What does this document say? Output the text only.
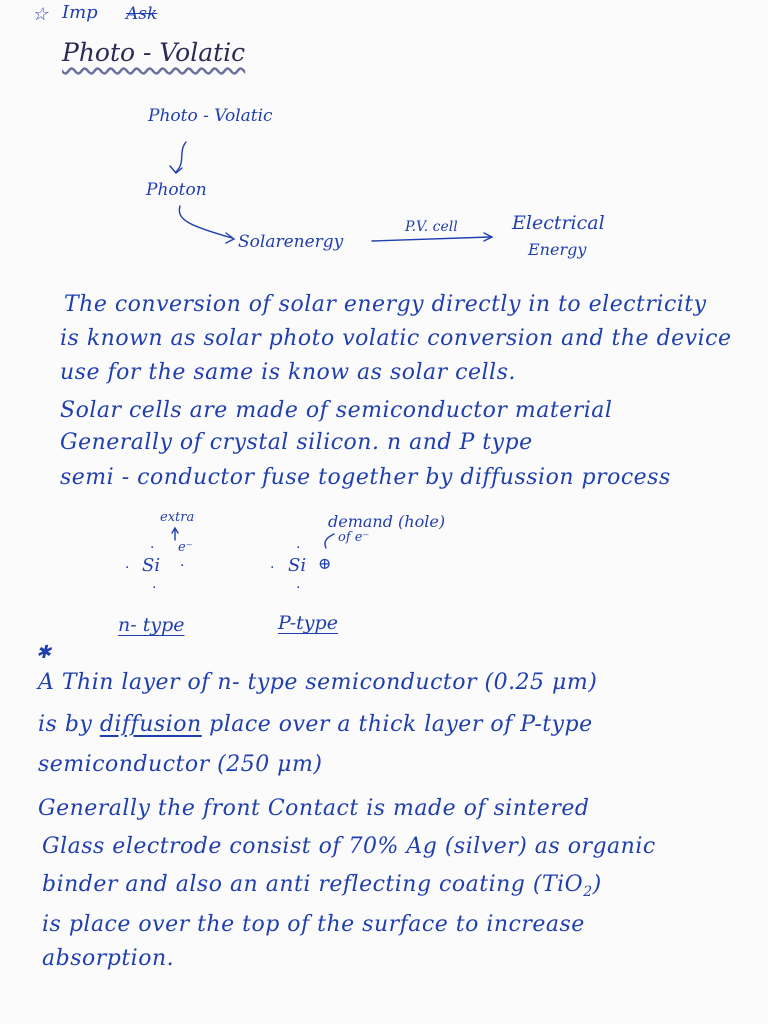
☆ Imp Ask
Photo - Volatic
Photo - Volatic
Photon
Solarenergy
P.V. cell	Electrical
Energy
The conversion of solar energy directly in to electricity
is known as solar photo volatic conversion and the device
use for the same is know as solar cells.
Solar cells are made of semiconductor material
Generally of crystal silicon. n and P type
semi - conductor fuse together by diffussion process
extra
e⁻
·
·	·
·
Si
demand (hole)
of e⁻
·
·
·
Si ⊕
n- type	P-type
✱
A Thin layer of n- type semiconductor (0.25 μm)
is by diffusion place over a thick layer of P-type
semiconductor (250 μm)
Generally the front Contact is made of sintered
Glass electrode consist of 70% Ag (silver) as organic
binder and also an anti reflecting coating (TiO$_2$)
is place over the top of the surface to increase
absorption.
